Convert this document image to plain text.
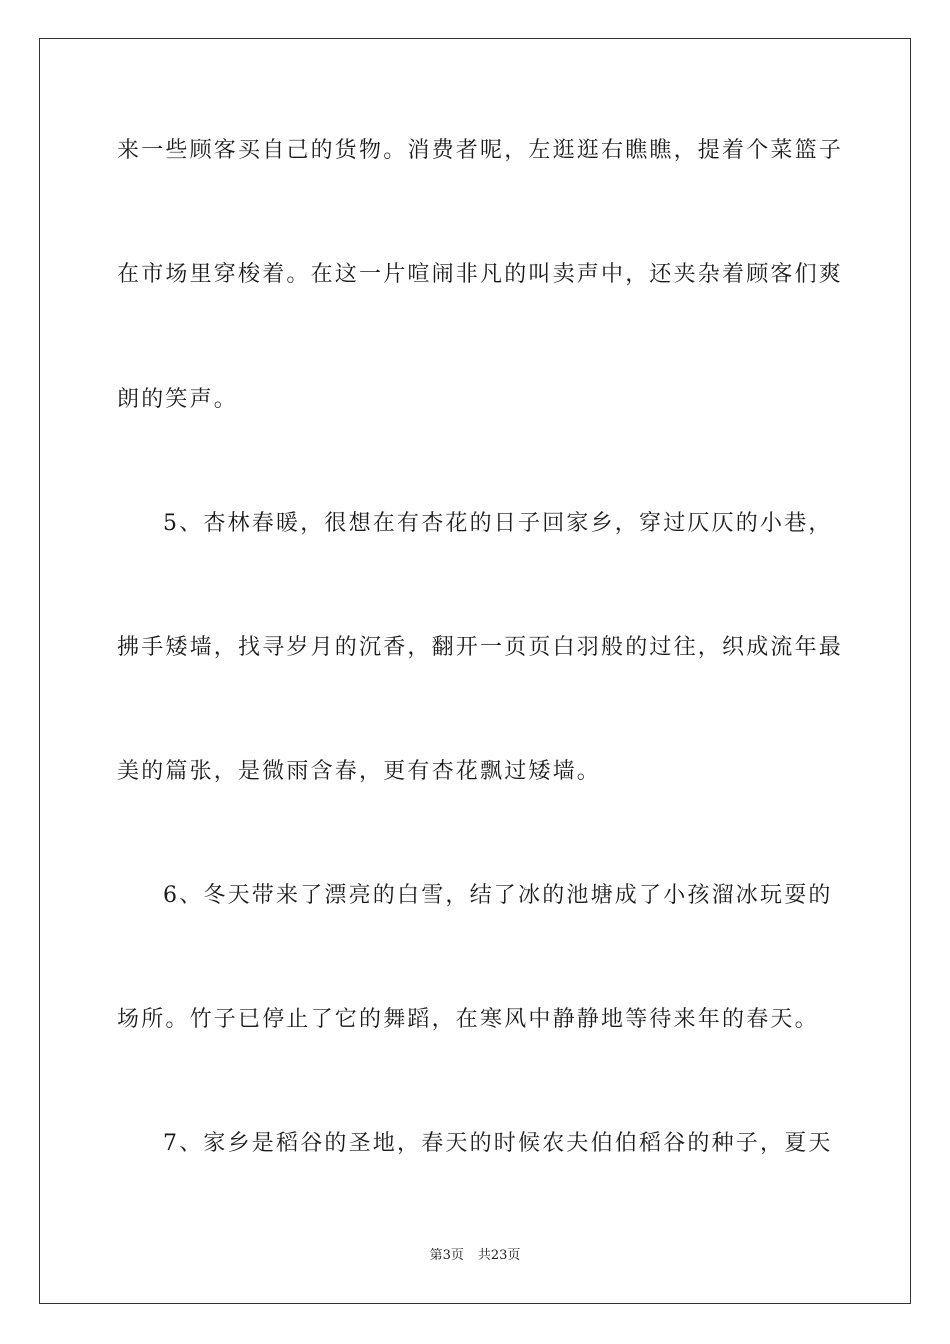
来一些顾客买自己的货物。消费者呢，左逛逛右瞧瞧，提着个菜篮子
在市场里穿梭着。在这一片喧闹非凡的叫卖声中，还夹杂着顾客们爽
朗的笑声。
5、杏林春暖，很想在有杏花的日子回家乡，穿过仄仄的小巷，
拂手矮墙，找寻岁月的沉香，翻开一页页白羽般的过往，织成流年最
美的篇张，是微雨含春，更有杏花飘过矮墙。
6、冬天带来了漂亮的白雪，结了冰的池塘成了小孩溜冰玩耍的
场所。竹子已停止了它的舞蹈，在寒风中静静地等待来年的春天。
7、家乡是稻谷的圣地，春天的时候农夫伯伯稻谷的种子，夏天
第3页 共23页
